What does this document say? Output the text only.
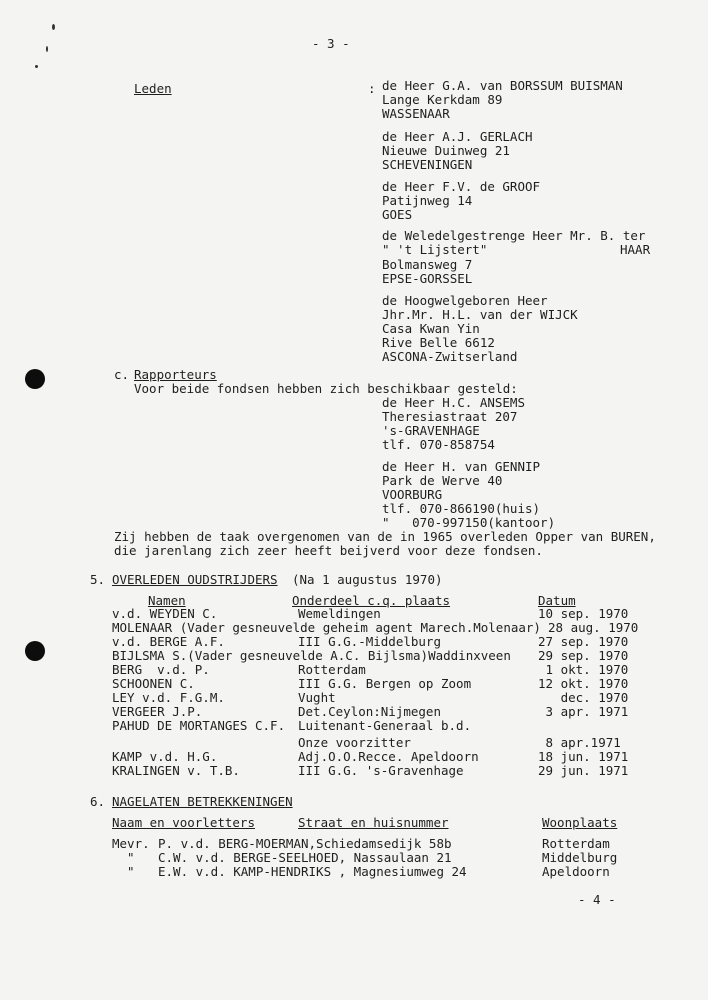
- 3 -
Leden	: de Heer G.A. van BORSSUM BUISMAN
Lange Kerkdam 89
WASSENAAR
de Heer A.J. GERLACH
Nieuwe Duinweg 21
SCHEVENINGEN
de Heer F.V. de GROOF
Patijnweg 14
GOES
de Weledelgestrenge Heer Mr. B. ter
HAAR
" 't Lijstert"
Bolmansweg 7
EPSE-GORSSEL
de Hoogwelgeboren Heer
Jhr.Mr. H.L. van der WIJCK
Casa Kwan Yin
Rive Belle 6612
ASCONA-Zwitserland
c. Rapporteurs
Voor beide fondsen hebben zich beschikbaar gesteld:
de Heer H.C. ANSEMS
Theresiastraat 207
's-GRAVENHAGE
tlf. 070-858754
de Heer H. van GENNIP
Park de Werve 40
VOORBURG
tlf. 070-866190(huis)
"   070-997150(kantoor)
Zij hebben de taak overgenomen van de in 1965 overleden Opper van BUREN,
die jarenlang zich zeer heeft beijverd voor deze fondsen.
5. OVERLEDEN OUDSTRIJDERS (Na 1 augustus 1970)
Namen	Onderdeel c.q. plaats	Datum
v.d. WEYDEN C.	Wemeldingen	10 sep. 1970
MOLENAAR (Vader gesneuvelde geheim agent Marech.Molenaar) 28 aug. 1970
v.d. BERGE A.F.	III G.G.-Middelburg	27 sep. 1970
BIJLSMA S.(Vader gesneuvelde A.C. Bijlsma)Waddinxveen 29 sep. 1970
BERG  v.d. P.	Rotterdam	1 okt. 1970
SCHOONEN C.	III G.G. Bergen op Zoom	12 okt. 1970
LEY v.d. F.G.M.	Vught	dec. 1970
VERGEER J.P.	Det.Ceylon:Nijmegen	3 apr. 1971
PAHUD DE MORTANGES C.F. Luitenant-Generaal b.d.
Onze voorzitter	8 apr.1971
KAMP v.d. H.G.	Adj.O.O.Recce. Apeldoorn	18 jun. 1971
KRALINGEN v. T.B.	III G.G. 's-Gravenhage	29 jun. 1971
6. NAGELATEN BETREKKENINGEN
Naam en voorletters	Straat en huisnummer	Woonplaats
Mevr. P. v.d. BERG-MOERMAN,Schiedamsedijk 58b	Rotterdam
" C.W. v.d. BERGE-SEELHOED, Nassaulaan 21	Middelburg
" E.W. v.d. KAMP-HENDRIKS , Magnesiumweg 24	Apeldoorn
- 4 -
